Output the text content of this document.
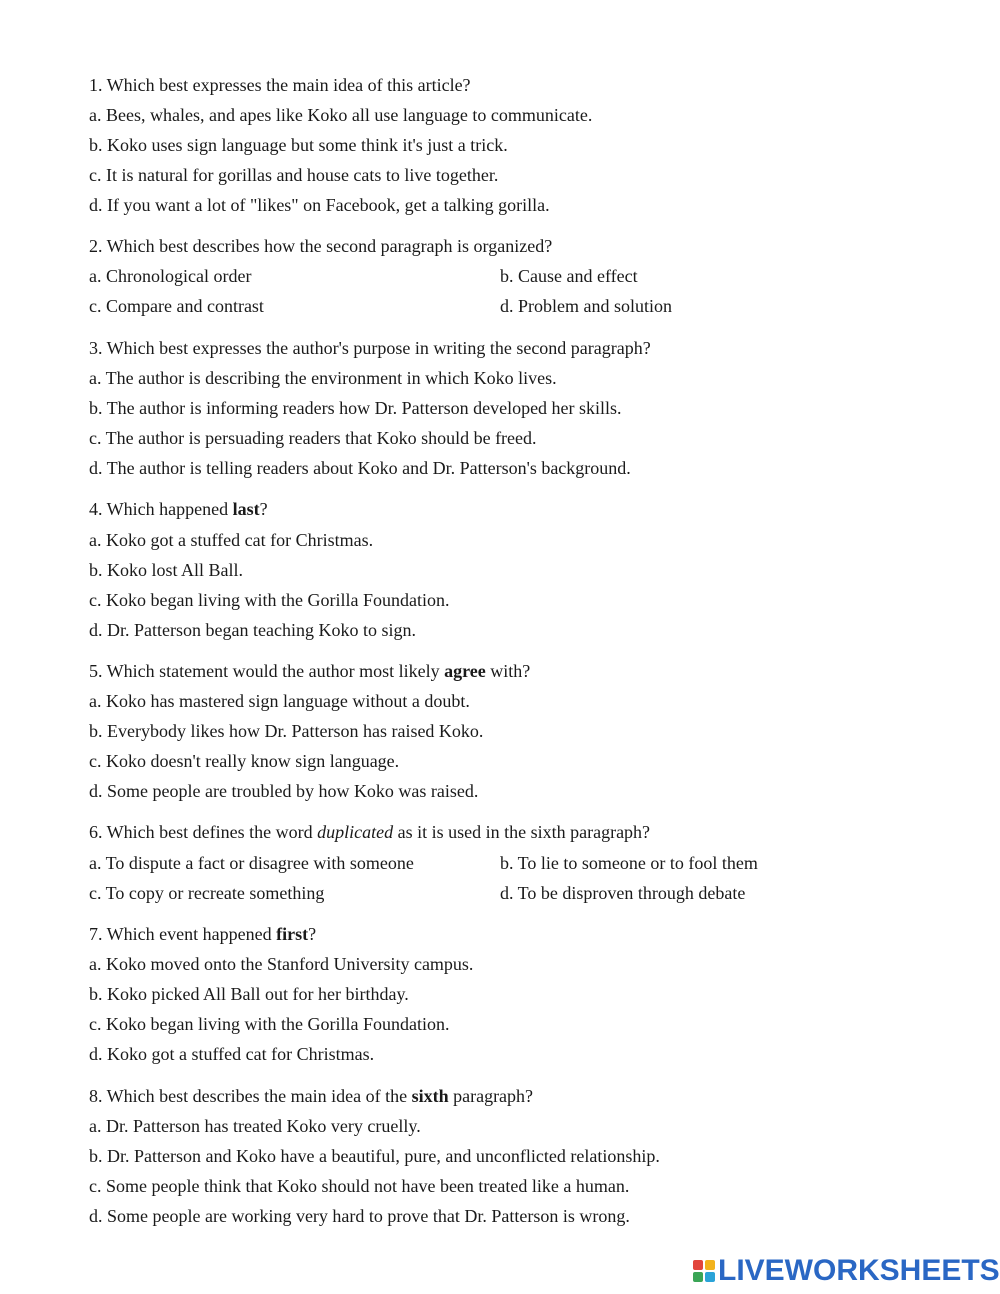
1. Which best expresses the main idea of this article?
a. Bees, whales, and apes like Koko all use language to communicate.
b. Koko uses sign language but some think it's just a trick.
c. It is natural for gorillas and house cats to live together.
d. If you want a lot of "likes" on Facebook, get a talking gorilla.
2. Which best describes how the second paragraph is organized?
a. Chronological order	b. Cause and effect
c. Compare and contrast	d. Problem and solution
3. Which best expresses the author's purpose in writing the second paragraph?
a. The author is describing the environment in which Koko lives.
b. The author is informing readers how Dr. Patterson developed her skills.
c. The author is persuading readers that Koko should be freed.
d. The author is telling readers about Koko and Dr. Patterson's background.
4. Which happened last?
a. Koko got a stuffed cat for Christmas.
b. Koko lost All Ball.
c. Koko began living with the Gorilla Foundation.
d. Dr. Patterson began teaching Koko to sign.
5. Which statement would the author most likely agree with?
a. Koko has mastered sign language without a doubt.
b. Everybody likes how Dr. Patterson has raised Koko.
c. Koko doesn't really know sign language.
d. Some people are troubled by how Koko was raised.
6. Which best defines the word duplicated as it is used in the sixth paragraph?
a. To dispute a fact or disagree with someone	b. To lie to someone or to fool them
c. To copy or recreate something	d. To be disproven through debate
7. Which event happened first?
a. Koko moved onto the Stanford University campus.
b. Koko picked All Ball out for her birthday.
c. Koko began living with the Gorilla Foundation.
d. Koko got a stuffed cat for Christmas.
8. Which best describes the main idea of the sixth paragraph?
a. Dr. Patterson has treated Koko very cruelly.
b. Dr. Patterson and Koko have a beautiful, pure, and unconflicted relationship.
c. Some people think that Koko should not have been treated like a human.
d. Some people are working very hard to prove that Dr. Patterson is wrong.
LIVEWORKSHEETS
